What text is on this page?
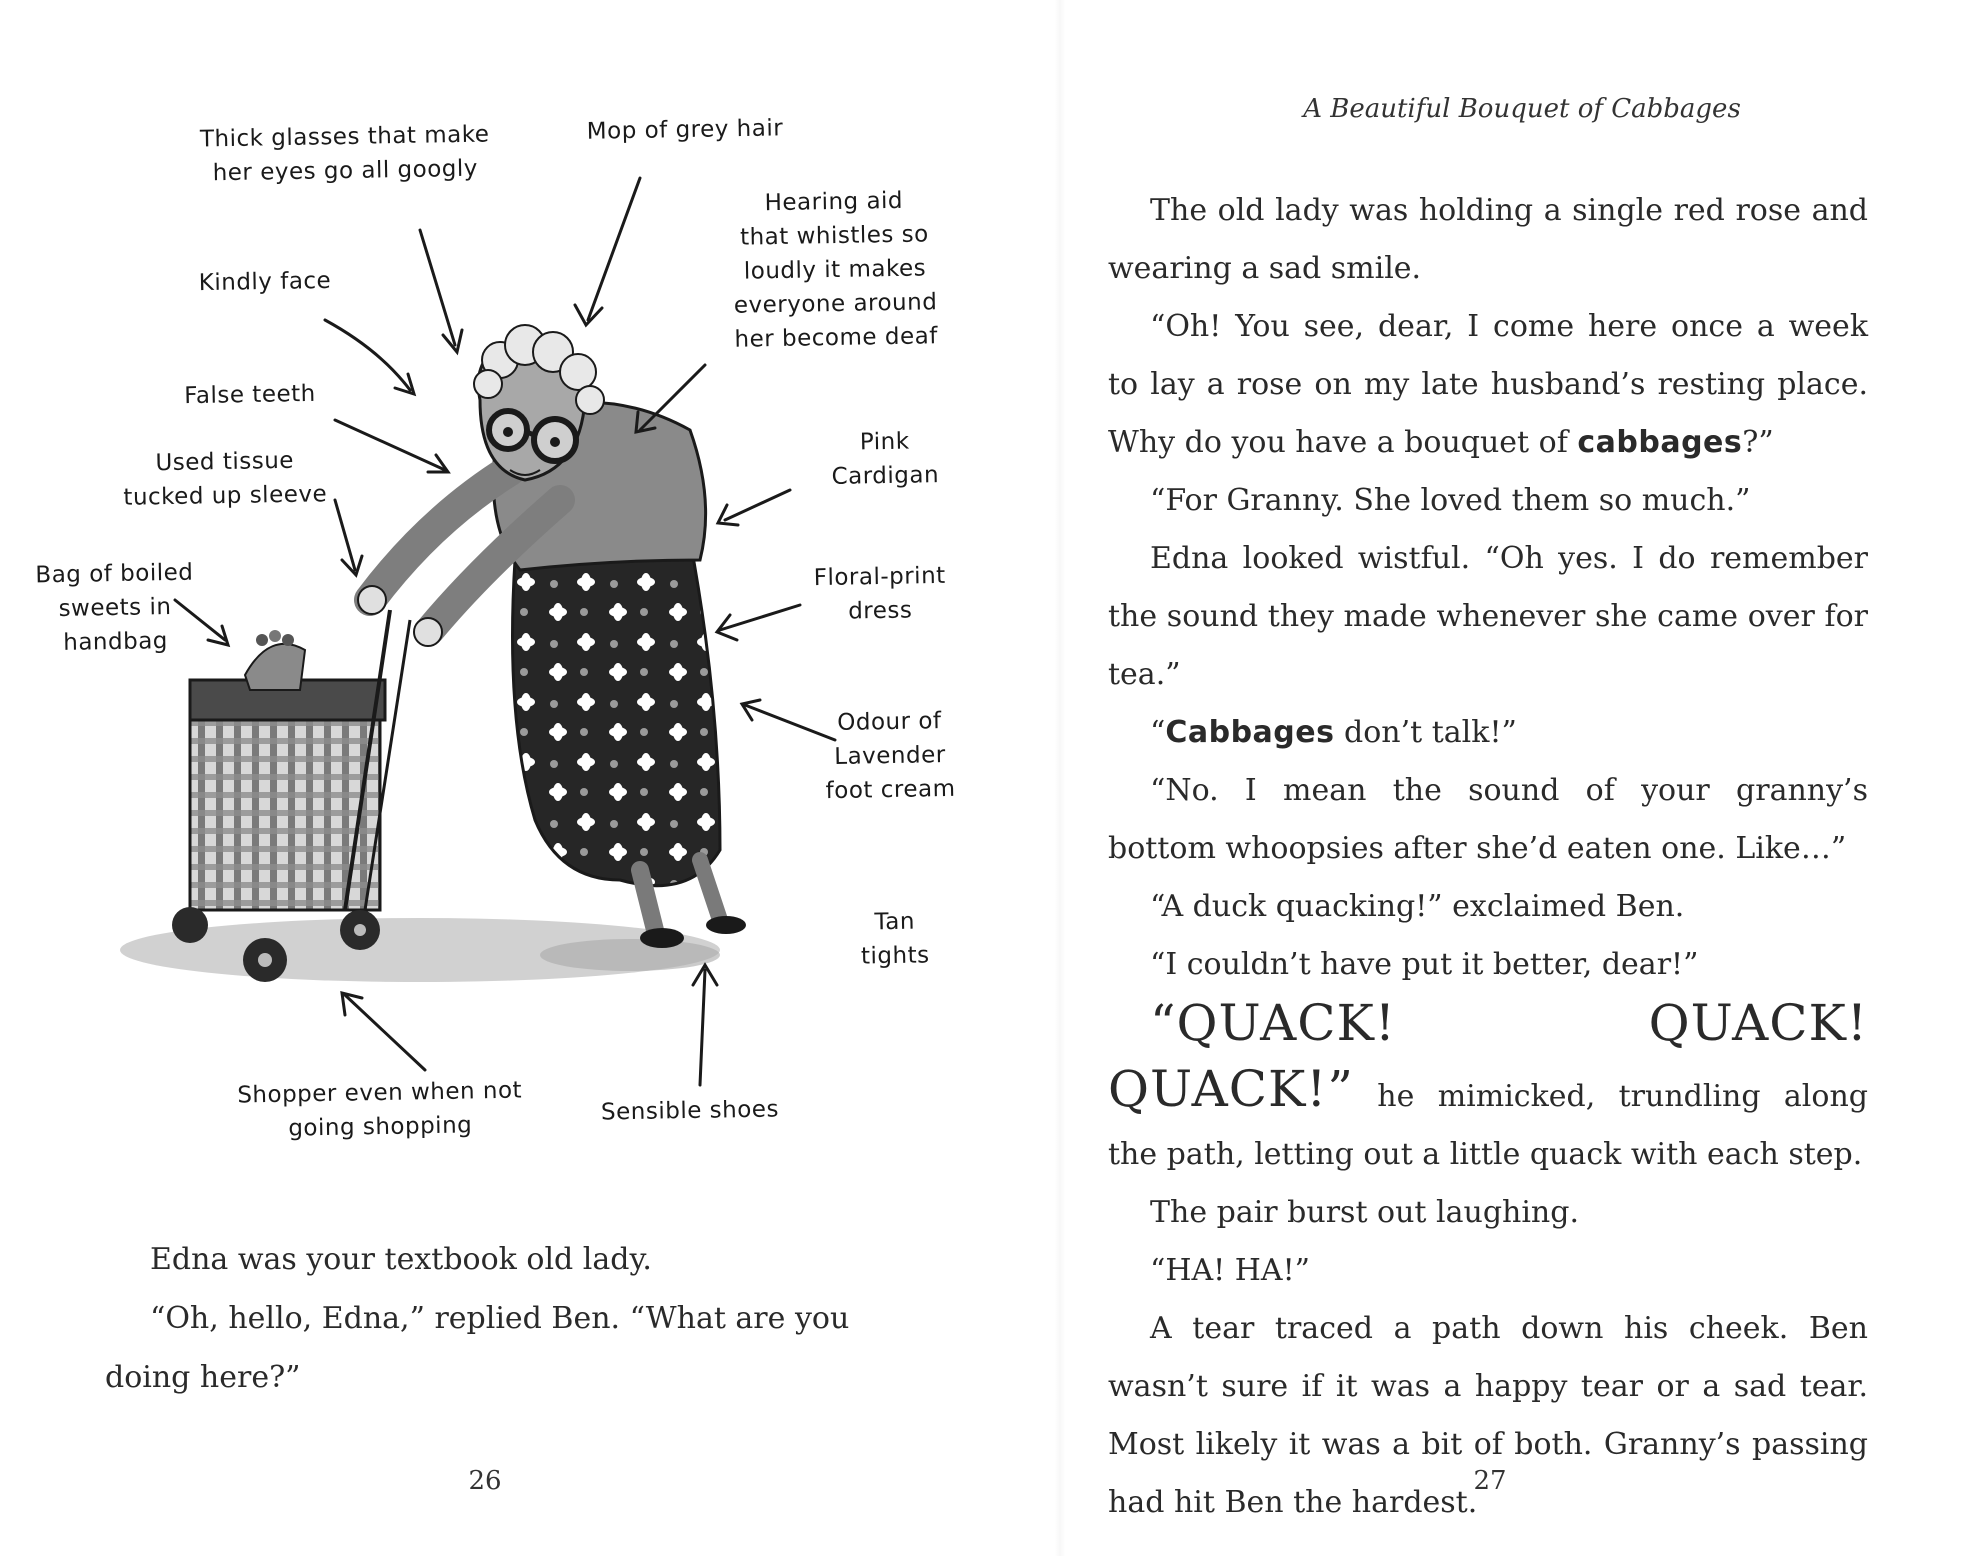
Thick glasses that make
her eyes go all googly
Mop of grey hair
Hearing aid
that whistles so
loudly it makes
everyone around
her become deaf
Kindly face
False teeth
Used tissue
tucked up sleeve
Bag of boiled
sweets in
handbag
Pink
Cardigan
Floral-print
dress
Odour of
Lavender
foot cream
Tan
tights
Shopper even when not
going shopping
Sensible shoes

Edna was your textbook old lady.

“Oh, hello, Edna,” replied Ben. “What are you doing here?”

26
A Beautiful Bouquet of Cabbages

The old lady was holding a single red rose and wearing a sad smile.

“Oh! You see, dear, I come here once a week to lay a rose on my late husband’s resting place. Why do you have a bouquet of cabbages?”

“For Granny. She loved them so much.”

Edna looked wistful. “Oh yes. I do remember the sound they made whenever she came over for tea.”

“Cabbages don’t talk!”

“No. I mean the sound of your granny’s bottom whoopsies after she’d eaten one. Like…”

“A duck quacking!” exclaimed Ben.

“I couldn’t have put it better, dear!”

“QUACK! QUACK! QUACK!” he mimicked, trundling along the path, letting out a little quack with each step.

The pair burst out laughing.

“HA! HA!”

A tear traced a path down his cheek. Ben wasn’t sure if it was a happy tear or a sad tear. Most likely it was a bit of both. Granny’s passing had hit Ben the hardest.

27
